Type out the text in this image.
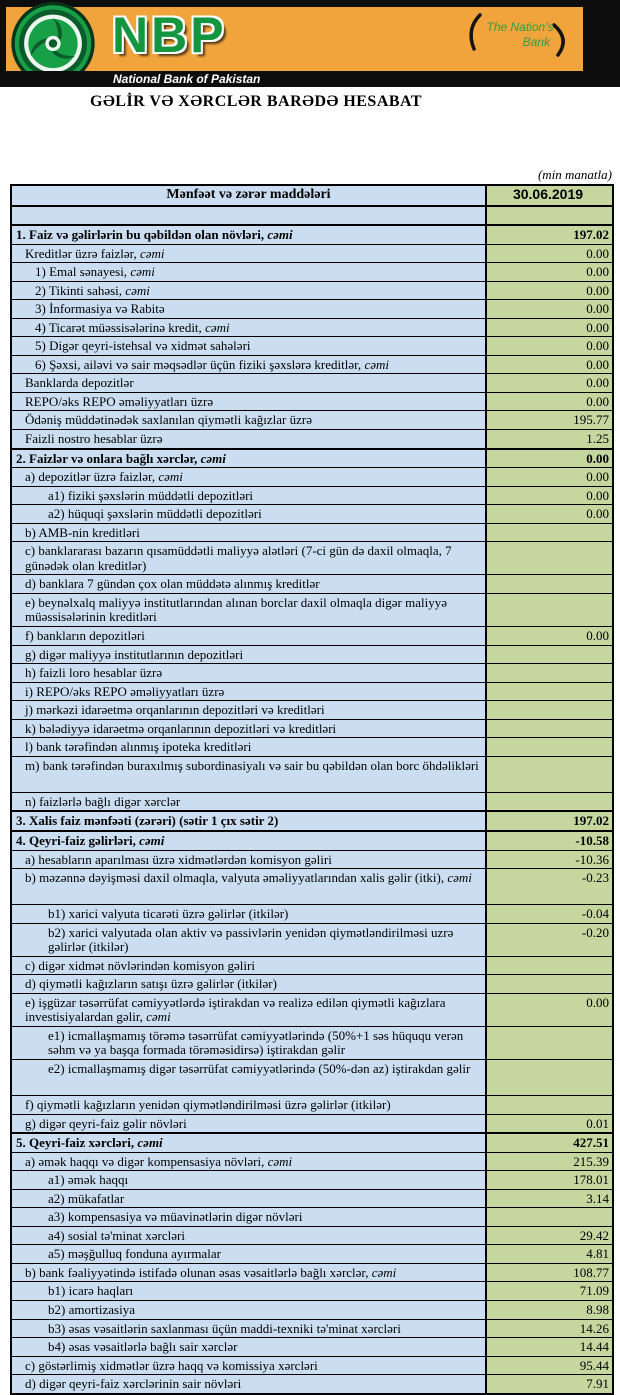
NBP	The Nation's
Bank
National Bank of Pakistan
GƏLİR VƏ XƏRCLƏR BARƏDƏ HESABAT
(min manatla)
Mənfəət və zərər maddələri	30.06.2019

1. Faiz və gəlirlərin bu qəbildən olan növləri, cəmi	197.02
Kreditlər üzrə faizlər, cəmi	0.00
1) Emal sənayesi, cəmi	0.00
2) Tikinti sahəsi, cəmi	0.00
3) İnformasiya və Rabitə	0.00
4) Ticarət müəssisələrinə kredit, cəmi	0.00
5) Digər qeyri-istehsal və xidmət sahələri	0.00
6) Şəxsi, ailəvi və sair məqsədlər üçün fiziki şəxslərə kreditlər, cəmi	0.00
Banklarda depozitlər	0.00
REPO/əks REPO əməliyyatları üzrə	0.00
Ödəniş müddətinədək saxlanılan qiymətli kağızlar üzrə	195.77
Faizli nostro hesablar üzrə	1.25
2. Faizlər və onlara bağlı xərclər, cəmi	0.00
a) depozitlər üzrə faizlər, cəmi	0.00
a1) fiziki şəxslərin müddətli depozitləri	0.00
a2) hüquqi şəxslərin müddətli depozitləri	0.00
b) AMB-nin kreditləri	
c) banklararası bazarın qısamüddətli maliyyə alətləri (7-ci gün də daxil olmaqla, 7 günədək olan kreditlər)	
d) banklara 7 gündən çox olan müddətə alınmış kreditlər	
e) beynəlxalq maliyyə institutlarından alınan borclar daxil olmaqla digər maliyyə müəssisələrinin kreditləri	
f) bankların depozitləri	0.00
g) digər maliyyə institutlarının depozitləri	
h) faizli loro hesablar üzrə	
i) REPO/əks REPO əməliyyatları üzrə	
j) mərkəzi idarəetmə orqanlarının depozitləri və kreditləri	
k) bələdiyyə idarəetmə orqanlarının depozitləri və kreditləri	
l) bank tərəfindən alınmış ipoteka kreditləri	
m) bank tərəfindən buraxılmış subordinasiyalı və sair bu qəbildən olan borc öhdəlikləri	
n) faizlərlə bağlı digər xərclər	
3. Xalis faiz mənfəəti (zərəri) (sətir 1 çıx sətir 2)	197.02
4. Qeyri-faiz gəlirləri, cəmi	-10.58
a) hesabların aparılması üzrə xidmətlərdən komisyon gəliri	-10.36
b) məzənnə dəyişməsi daxil olmaqla, valyuta əməliyyatlarından xalis gəlir (itki), cəmi	-0.23
b1) xarici valyuta ticarəti üzrə gəlirlər (itkilər)	-0.04
b2) xarici valyutada olan aktiv və passivlərin yenidən qiymətləndirilməsi uzrə gəlirlər (itkilər)	-0.20
c) digər xidmət növlərindən komisyon gəliri	
d) qiymətli kağızların satışı üzrə gəlirlər (itkilər)	
e) işgüzar təsərrüfat cəmiyyətlərdə iştirakdan və realizə edilən qiymətli kağızlara investisiyalardan gəlir, cəmi	0.00
e1) icmallaşmamış törəmə təsərrüfat cəmiyyətlərində (50%+1 səs hüququ verən səhm və ya başqa formada törəməsidirsə) iştirakdan gəlir	
e2) icmallaşmamış digər təsərrüfat cəmiyyətlərində (50%-dən az) iştirakdan gəlir	
f) qiymətli kağızların yenidən qiymətləndirilməsi üzrə gəlirlər (itkilər)	
g) digər qeyri-faiz gəlir növləri	0.01
5. Qeyri-faiz xərcləri, cəmi	427.51
a) əmək haqqı və digər kompensasiya növləri, cəmi	215.39
a1) əmək haqqı	178.01
a2) mükafatlar	3.14
a3) kompensasiya və müavinətlərin digər növləri	
a4) sosial tə'minat xərcləri	29.42
a5) məşğulluq fonduna ayırmalar	4.81
b) bank fəaliyyətində istifadə olunan əsas vəsaitlərlə bağlı xərclər, cəmi	108.77
b1) icarə haqları	71.09
b2) amortizasiya	8.98
b3) əsas vəsaitlərin saxlanması üçün maddi-texniki tə'minat xərcləri	14.26
b4) əsas vəsaitlərlə bağlı sair xərclər	14.44
c) göstərlimiş xidmətlər üzrə haqq və komissiya xərcləri	95.44
d) digər qeyri-faiz xərclərinin sair növləri	7.91
